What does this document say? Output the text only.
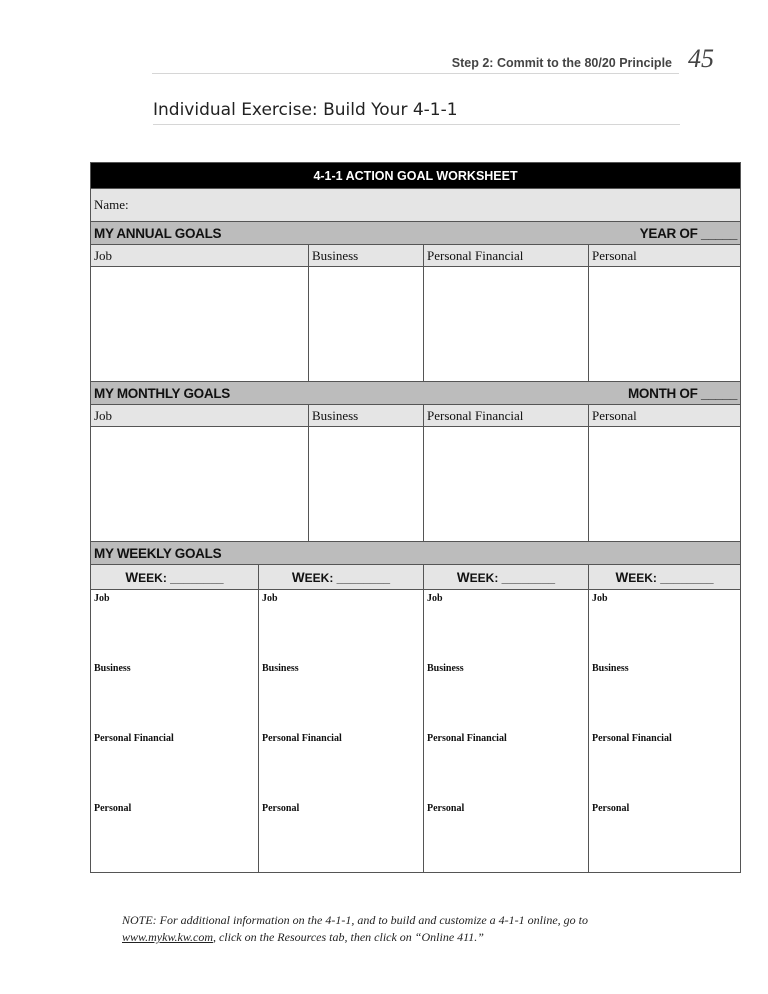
Step 2: Commit to the 80/20 Principle 45
Individual Exercise: Build Your 4-1-1
4-1-1 ACTION GOAL WORKSHEET				
Name:				
MY ANNUAL GOALS YEAR OF _____				

Job		Business	Personal Financial	Personal

MY MONTHLY GOALS MONTH OF _____				

Job		Business	Personal Financial	Personal

MY WEEKLY GOALS				
WEEK: ________	WEEK: ________		WEEK: ________	WEEK: ________

Job
Business
Personal Financial
Personal	Job
Business
Personal Financial
Personal		Job
Business
Personal Financial
Personal	Job
Business
Personal Financial
Personal
NOTE: For additional information on the 4-1-1, and to build and customize a 4-1-1 online, go to
www.mykw.kw.com, click on the Resources tab, then click on “Online 411.”
